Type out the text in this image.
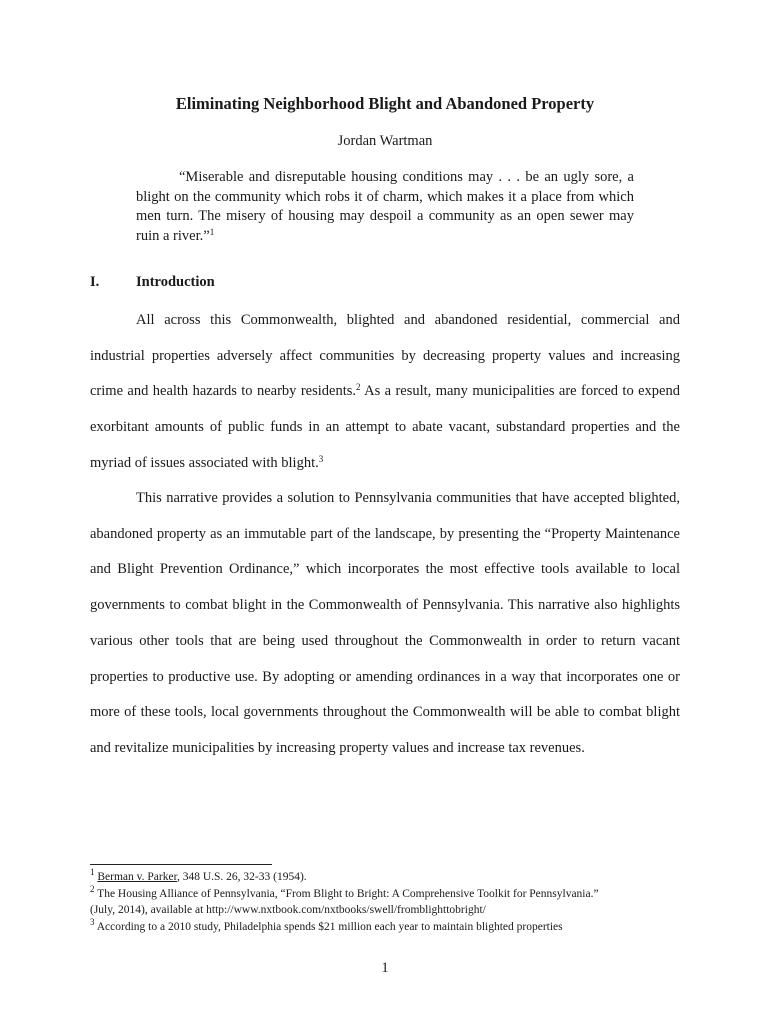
Eliminating Neighborhood Blight and Abandoned Property
Jordan Wartman

“Miserable and disreputable housing conditions may . . . be an ugly sore, a blight on the community which robs it of charm, which makes it a place from which men turn. The misery of housing may despoil a community as an open sewer may ruin a river.”$^1$

I.	Introduction

All across this Commonwealth, blighted and abandoned residential, commercial and industrial properties adversely affect communities by decreasing property values and increasing crime and health hazards to nearby residents.$^2$ As a result, many municipalities are forced to expend exorbitant amounts of public funds in an attempt to abate vacant, substandard properties and the myriad of issues associated with blight.$^3$

This narrative provides a solution to Pennsylvania communities that have accepted blighted, abandoned property as an immutable part of the landscape, by presenting the “Property Maintenance and Blight Prevention Ordinance,” which incorporates the most effective tools available to local governments to combat blight in the Commonwealth of Pennsylvania. This narrative also highlights various other tools that are being used throughout the Commonwealth in order to return vacant properties to productive use. By adopting or amending ordinances in a way that incorporates one or more of these tools, local governments throughout the Commonwealth will be able to combat blight and revitalize municipalities by increasing property values and increase tax revenues.

$^1$ Berman v. Parker, 348 U.S. 26, 32-33 (1954).

$^2$ The Housing Alliance of Pennsylvania, “From Blight to Bright: A Comprehensive Toolkit for Pennsylvania.”

(July, 2014), available at http://www.nxtbook.com/nxtbooks/swell/fromblighttobright/

$^3$ According to a 2010 study, Philadelphia spends $21 million each year to maintain blighted properties

1
